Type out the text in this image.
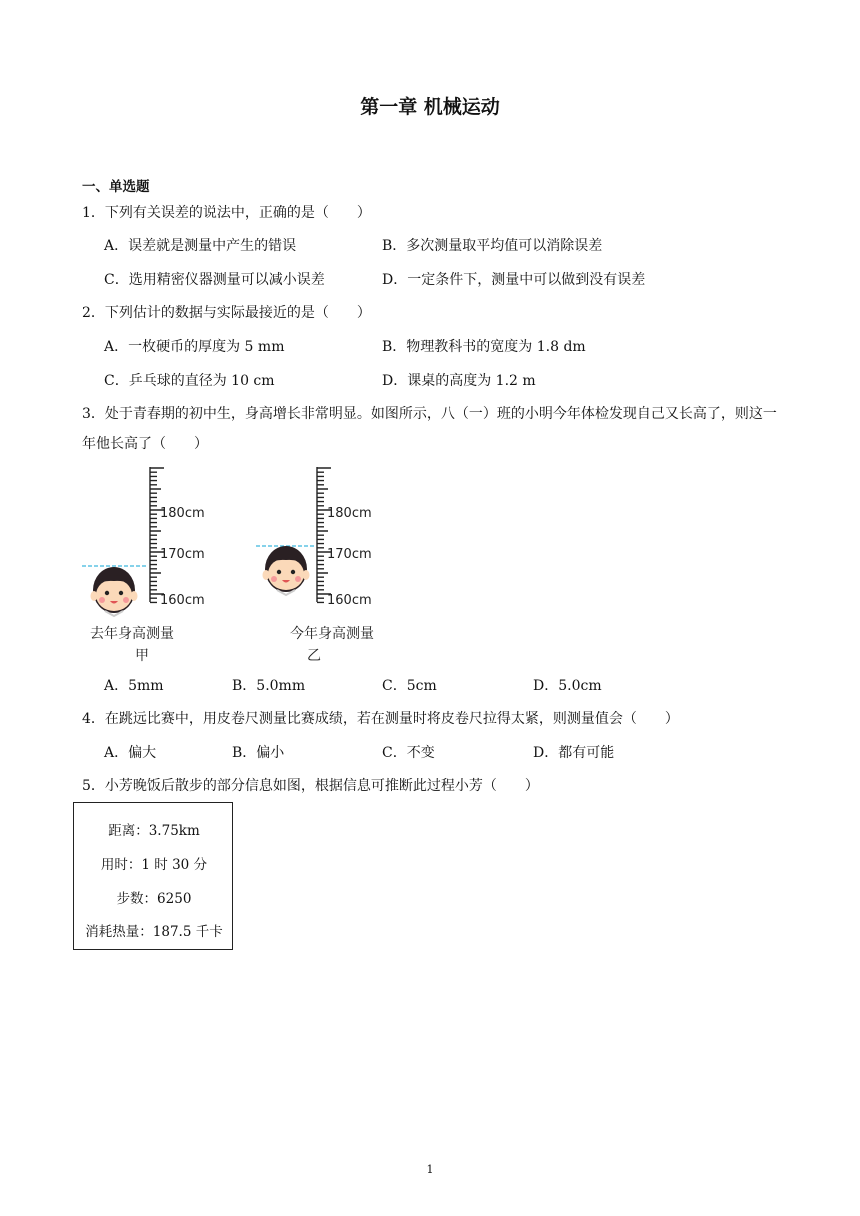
第一章 机械运动
一、单选题
1．下列有关误差的说法中，正确的是（　　）
A．误差就是测量中产生的错误	B．多次测量取平均值可以消除误差
C．选用精密仪器测量可以减小误差	D．一定条件下，测量中可以做到没有误差
2．下列估计的数据与实际最接近的是（　　）
A．一枚硬币的厚度为 5 mm	B．物理教科书的宽度为 1.8 dm
C．乒乓球的直径为 10 cm	D．课桌的高度为 1.2 m
3．处于青春期的初中生，身高增长非常明显。如图所示，八（一）班的小明今年体检发现自己又长高了，则这一年他长高了（　　）
180cm
170cm
160cm
去年身高测量
甲
180cm
170cm
160cm
今年身高测量
乙
A．5mm	B．5.0mm	C．5cm	D．5.0cm
4．在跳远比赛中，用皮卷尺测量比赛成绩，若在测量时将皮卷尺拉得太紧，则测量值会（　　）
A．偏大	B．偏小	C．不变	D．都有可能
5．小芳晚饭后散步的部分信息如图，根据信息可推断此过程小芳（　　）
距离：3.75km
用时：1 时 30 分
步数：6250
消耗热量：187.5 千卡
1
